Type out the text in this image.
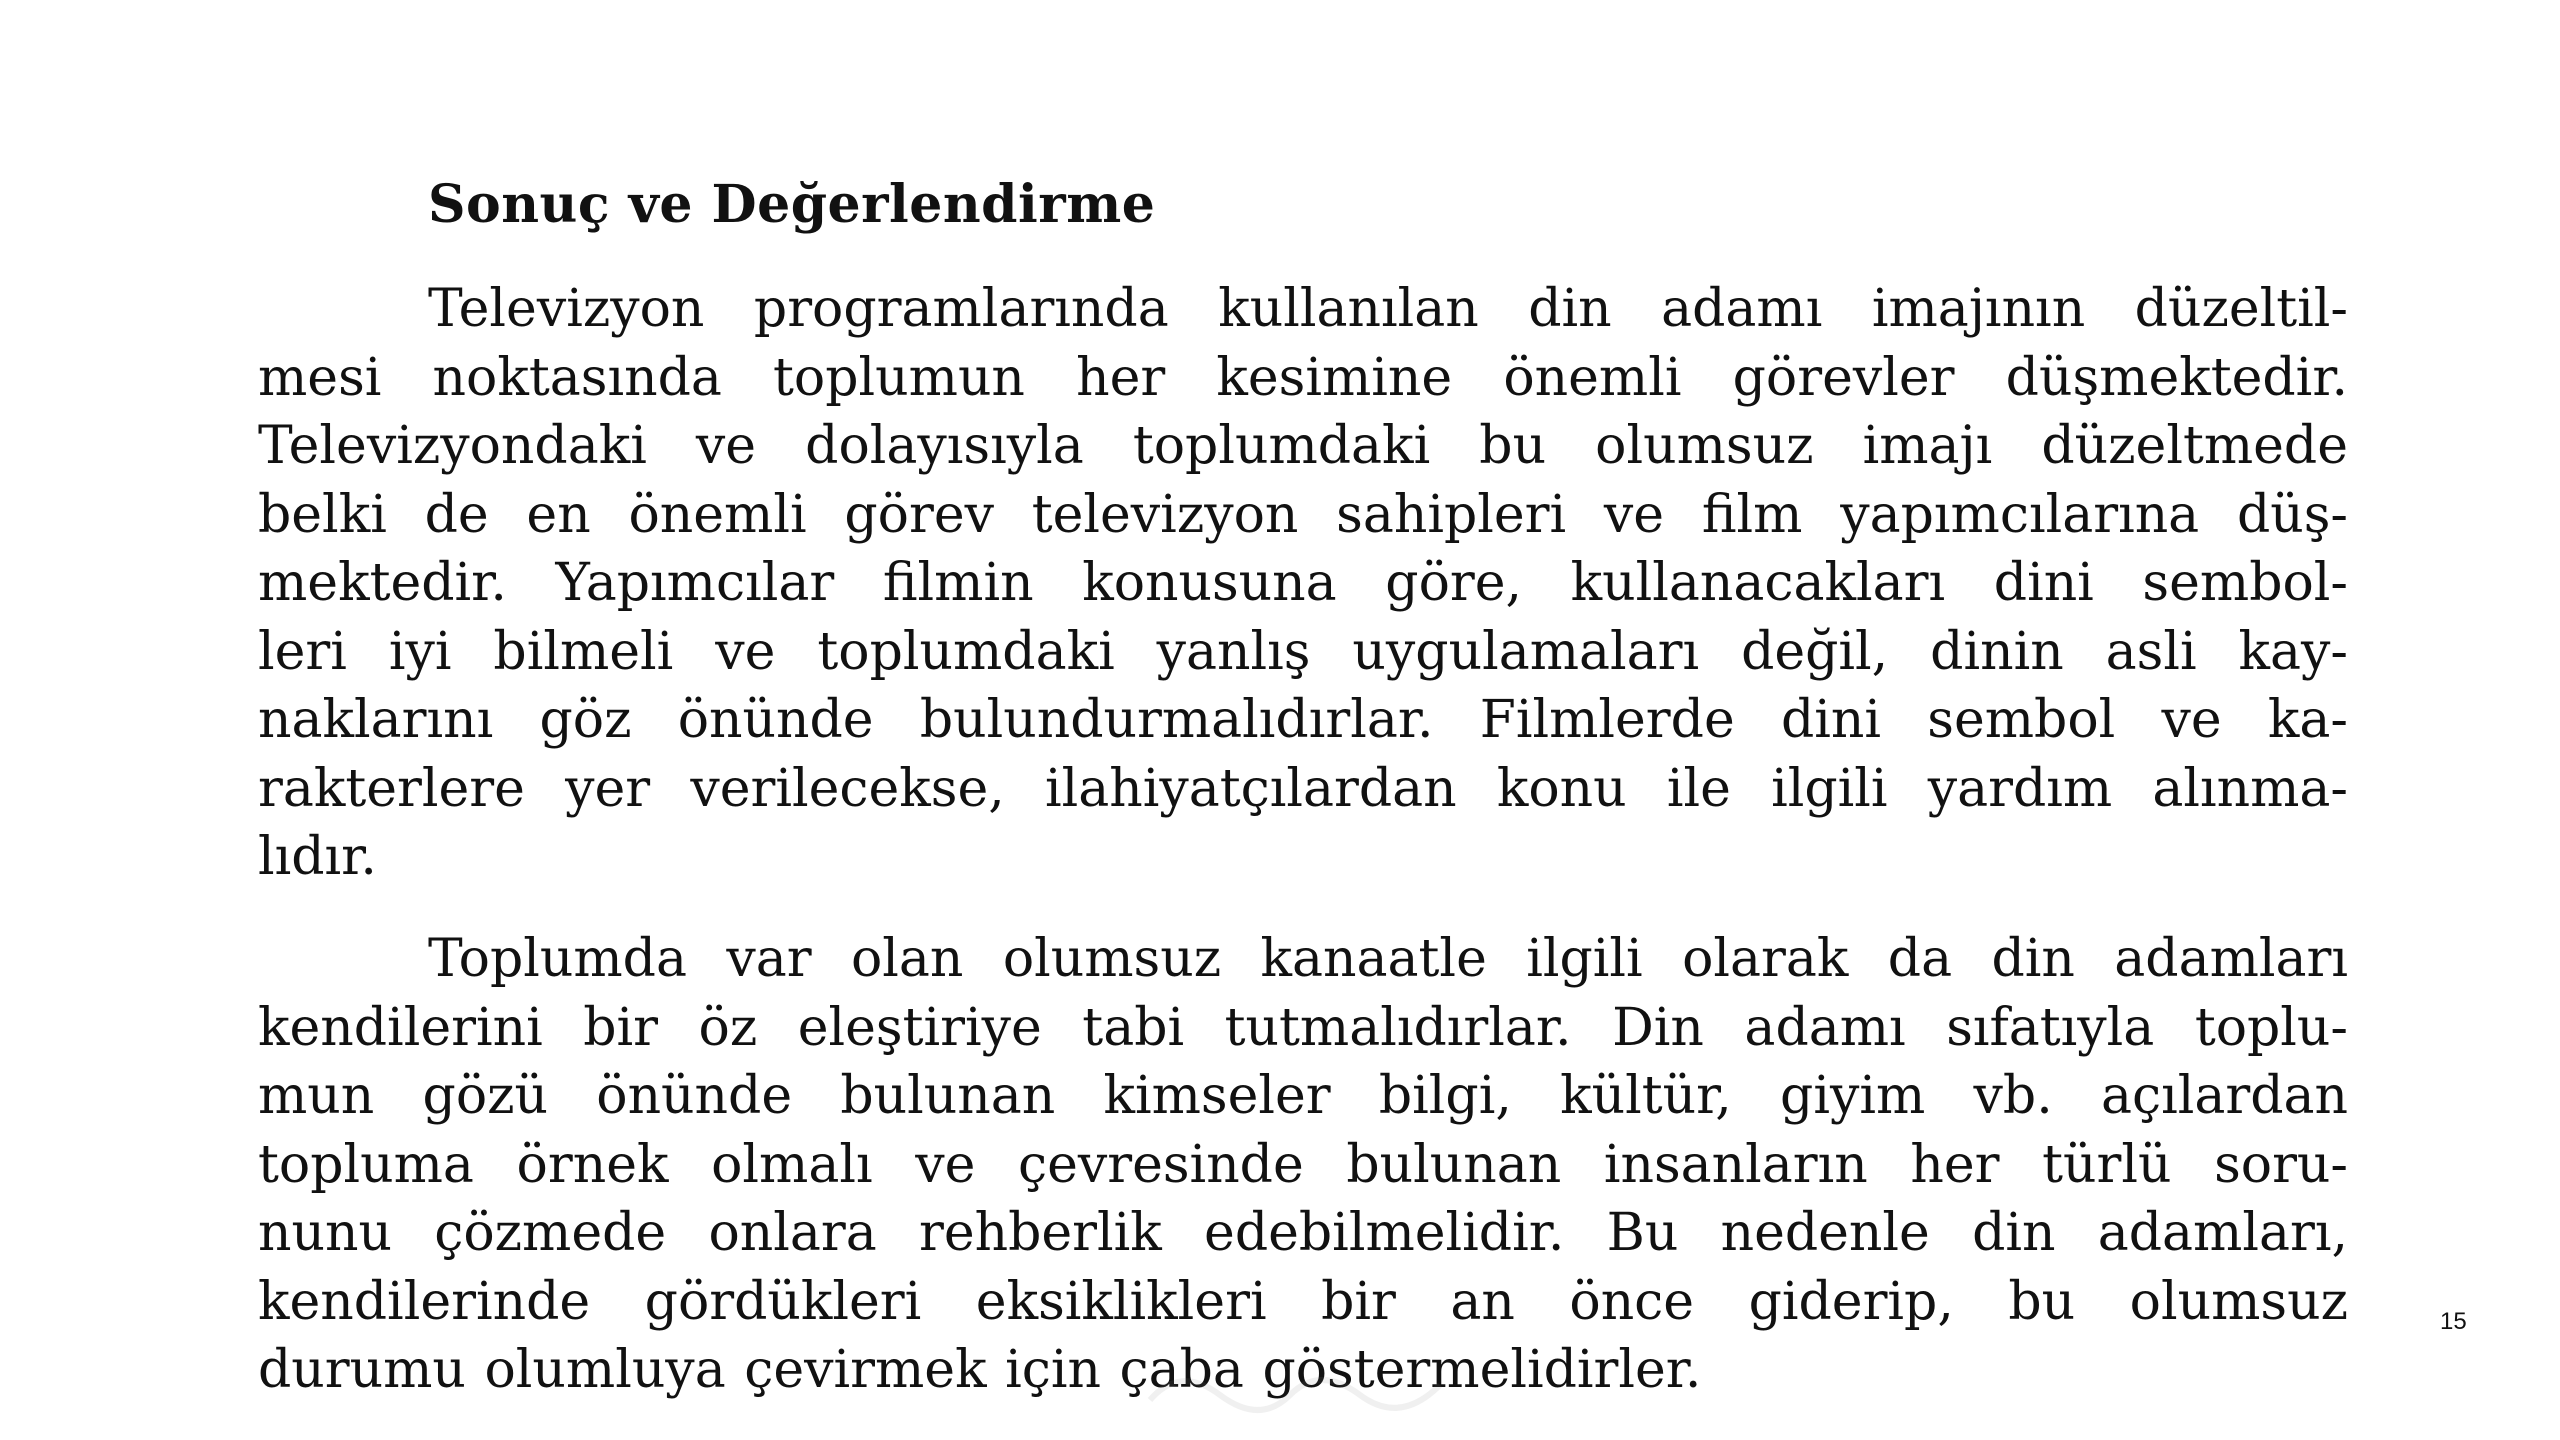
Sonuç ve Değerlendirme
Televizyon programlarında kullanılan din adamı imajının düzeltil-
mesi noktasında toplumun her kesimine önemli görevler düşmektedir.
Televizyondaki ve dolayısıyla toplumdaki bu olumsuz imajı düzeltmede
belki de en önemli görev televizyon sahipleri ve film yapımcılarına düş-
mektedir. Yapımcılar filmin konusuna göre, kullanacakları dini sembol-
leri iyi bilmeli ve toplumdaki yanlış uygulamaları değil, dinin asli kay-
naklarını göz önünde bulundurmalıdırlar. Filmlerde dini sembol ve ka-
rakterlere yer verilecekse, ilahiyatçılardan konu ile ilgili yardım alınma-
lıdır.
Toplumda var olan olumsuz kanaatle ilgili olarak da din adamları
kendilerini bir öz eleştiriye tabi tutmalıdırlar. Din adamı sıfatıyla toplu-
mun gözü önünde bulunan kimseler bilgi, kültür, giyim vb. açılardan
topluma örnek olmalı ve çevresinde bulunan insanların her türlü soru-
nunu çözmede onlara rehberlik edebilmelidir. Bu nedenle din adamları,
kendilerinde gördükleri eksiklikleri bir an önce giderip, bu olumsuz
durumu olumluya çevirmek için çaba göstermelidirler.
15
